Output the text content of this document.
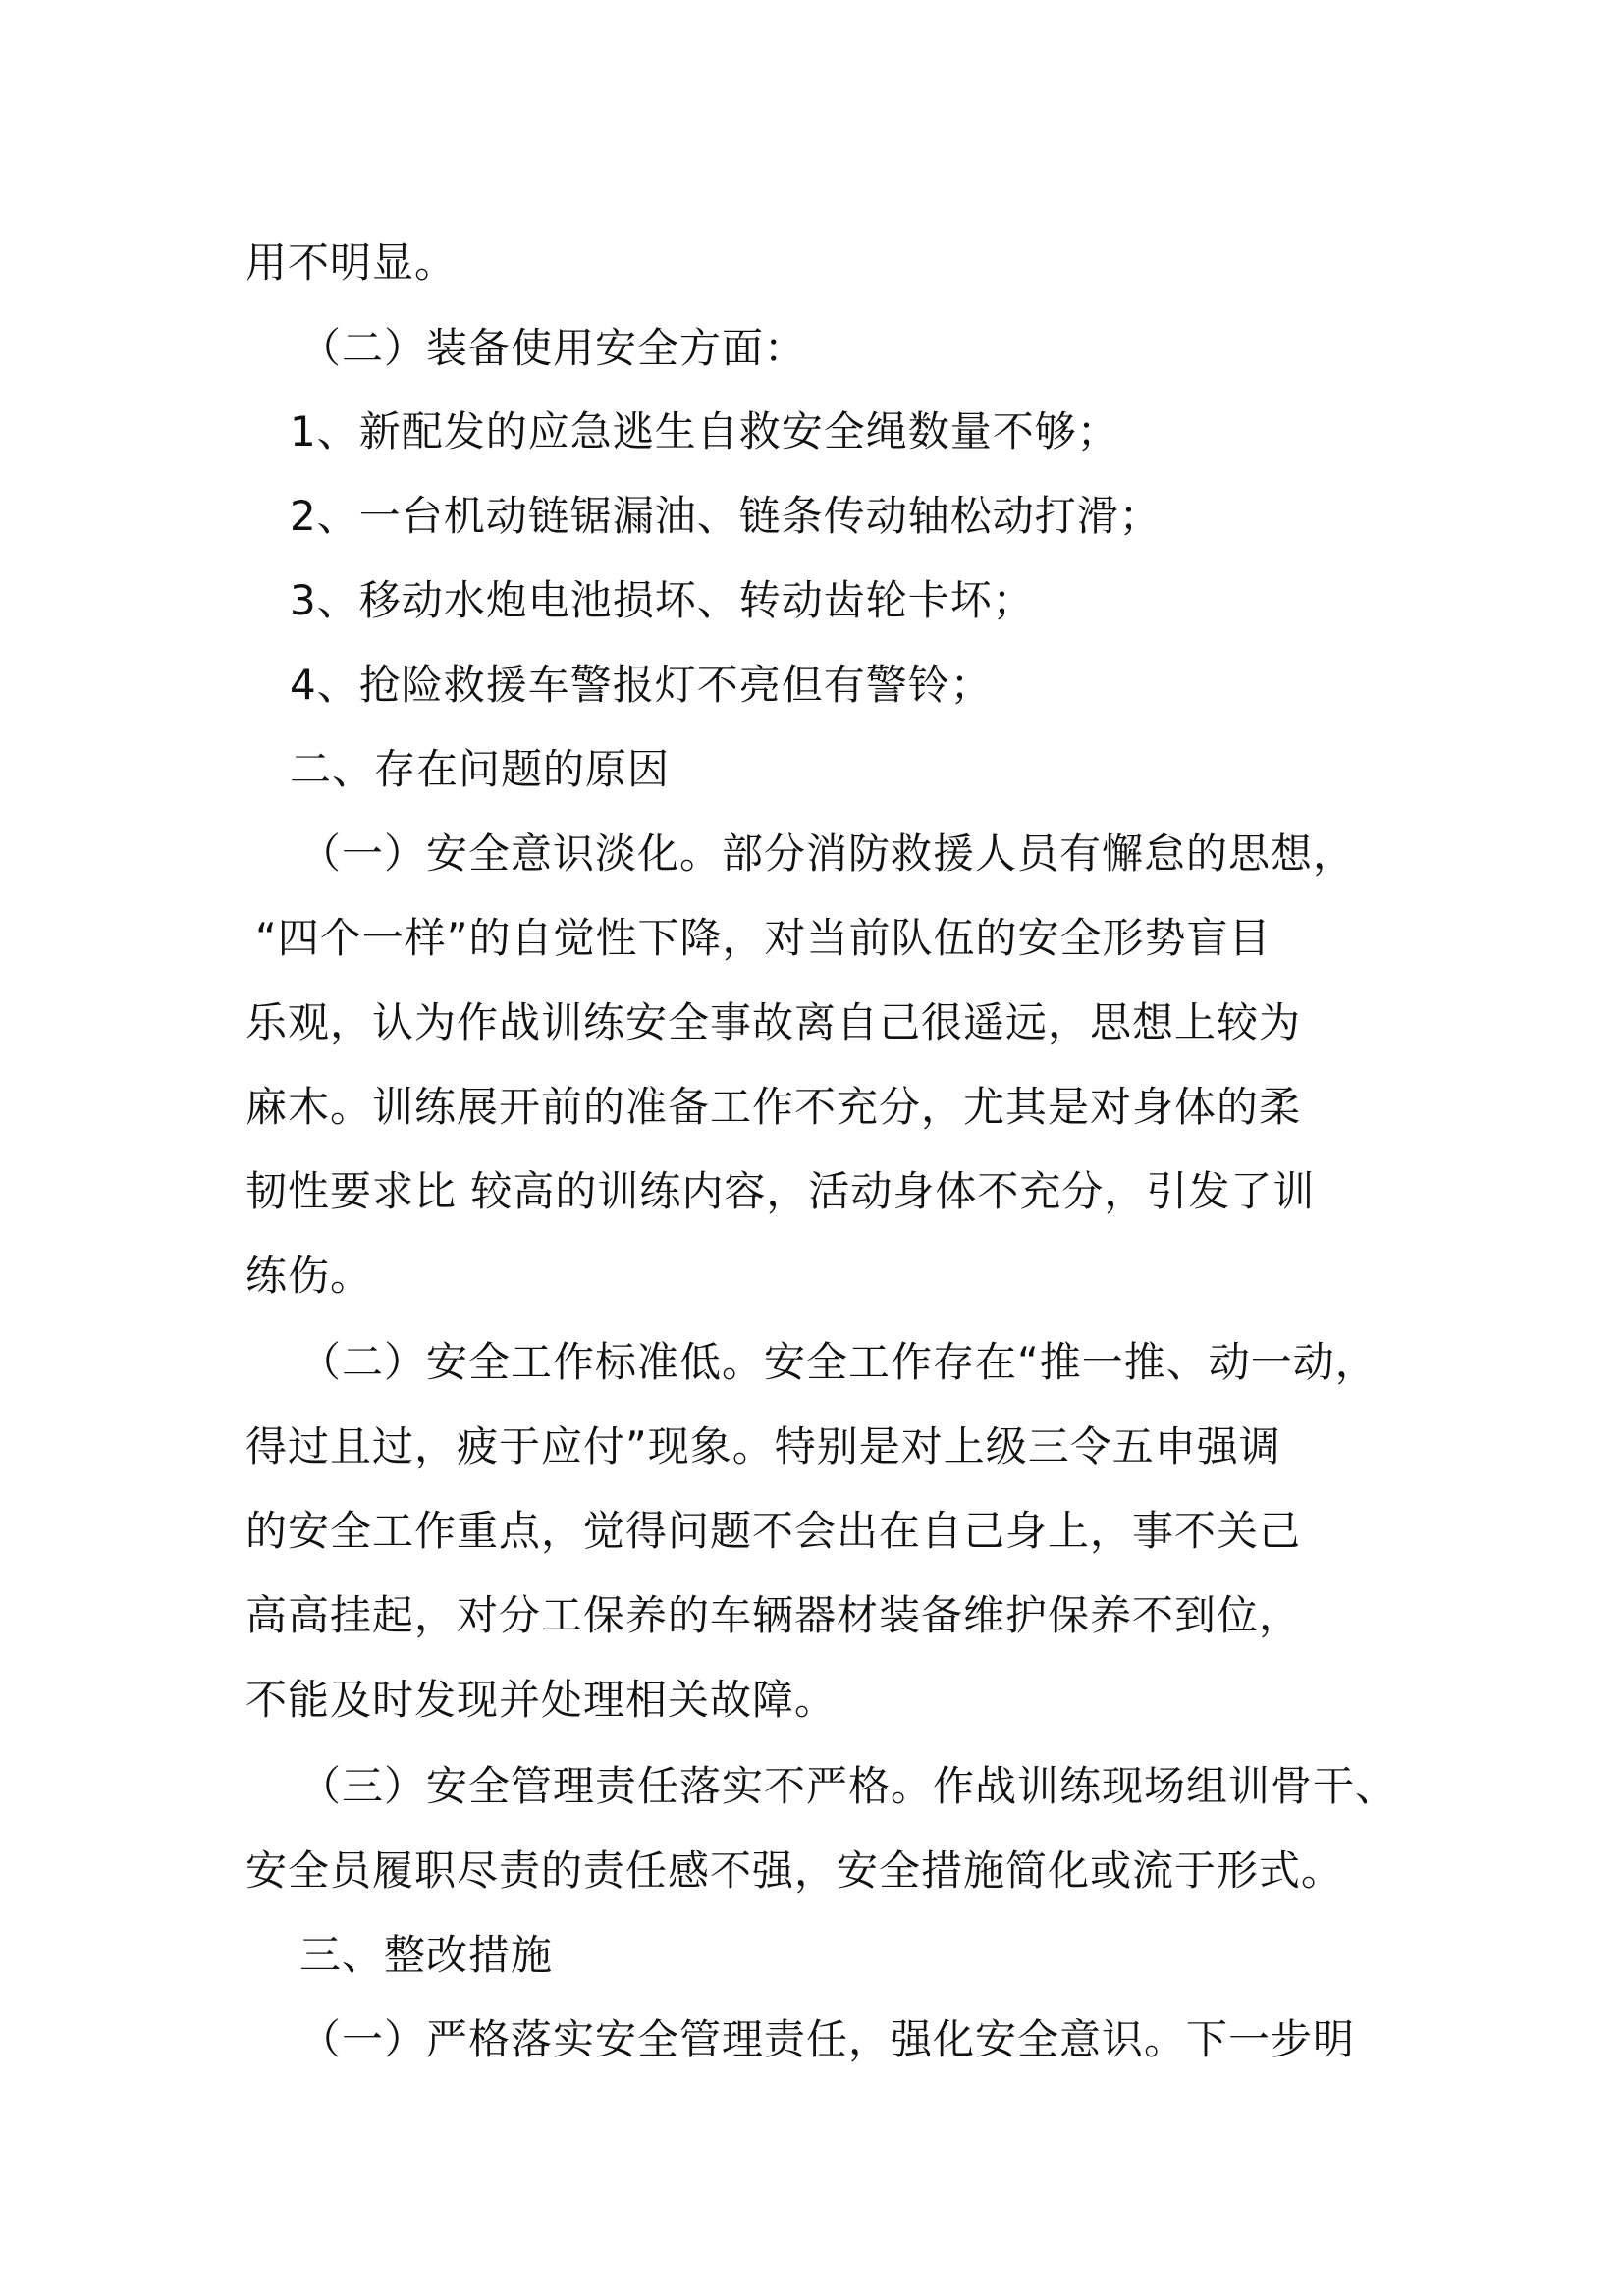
用不明显。
（二）装备使用安全方面：
1、新配发的应急逃生自救安全绳数量不够；
2、一台机动链锯漏油、链条传动轴松动打滑；
3、移动水炮电池损坏、转动齿轮卡坏；
4、抢险救援车警报灯不亮但有警铃；
二、存在问题的原因
（一）安全意识淡化。部分消防救援人员有懈怠的思想，
“四个一样”的自觉性下降，对当前队伍的安全形势盲目
乐观，认为作战训练安全事故离自己很遥远，思想上较为
麻木。训练展开前的准备工作不充分，尤其是对身体的柔
韧性要求比 较高的训练内容，活动身体不充分，引发了训
练伤。
（二）安全工作标准低。安全工作存在“推一推、动一动，
得过且过，疲于应付”现象。特别是对上级三令五申强调
的安全工作重点，觉得问题不会出在自己身上，事不关己
高高挂起，对分工保养的车辆器材装备维护保养不到位，
不能及时发现并处理相关故障。
（三）安全管理责任落实不严格。作战训练现场组训骨干、
安全员履职尽责的责任感不强，安全措施简化或流于形式。
三、整改措施
（一）严格落实安全管理责任，强化安全意识。下一步明
